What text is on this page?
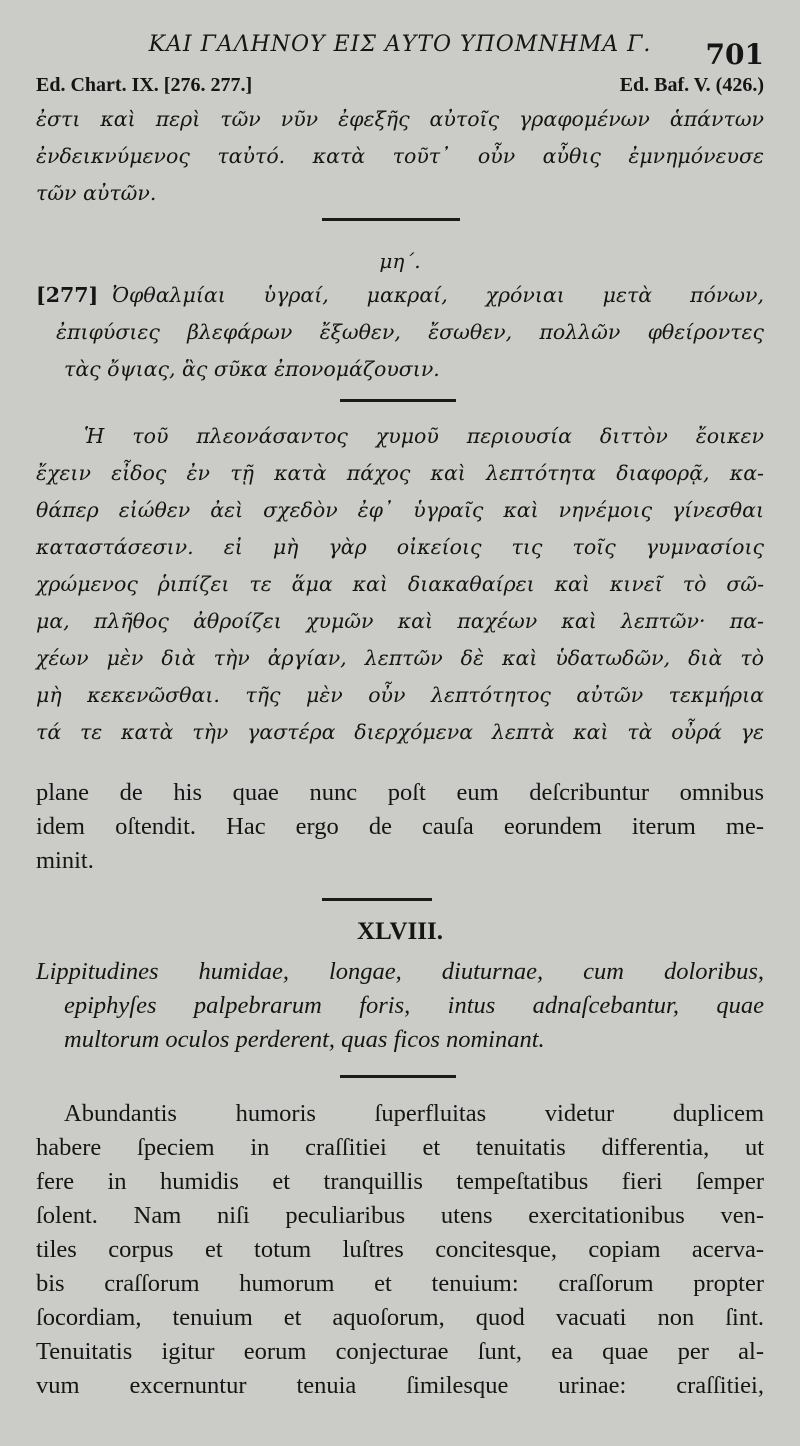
ΚΑΙ ΓΑΛΗΝΟΥ ΕΙΣ ΑΥΤΟ ΥΠΟΜΝΗΜΑ Γ.	701
Ed. Chart. IX. [276. 277.]	Ed. Baf. V. (426.)
ἐστι καὶ περὶ τῶν νῦν ἐφεξῆς αὐτοῖς γραφομένων ἁπάντων
ἐνδεικνύμενος ταὐτό. κατὰ τοῦτ᾽ οὖν αὖθις ἐμνημόνευσε
τῶν αὐτῶν.
μη΄.
[277] Ὀφθαλμίαι ὑγραί, μακραί, χρόνιαι μετὰ πόνων,
ἐπιφύσιες βλεφάρων ἔξωθεν, ἔσωθεν, πολλῶν φθείροντες
τὰς ὄψιας, ἃς σῦκα ἐπονομάζουσιν.
Ἡ τοῦ πλεονάσαντος χυμοῦ περιουσία διττὸν ἔοικεν
ἔχειν εἶδος ἐν τῇ κατὰ πάχος καὶ λεπτότητα διαφορᾷ, κα-
θάπερ εἰώθεν ἀεὶ σχεδὸν ἐφ᾽ ὑγραῖς καὶ νηνέμοις γίνεσθαι
καταστάσεσιν. εἰ μὴ γὰρ οἰκείοις τις τοῖς γυμνασίοις
χρώμενος ῥιπίζει τε ἅμα καὶ διακαθαίρει καὶ κινεῖ τὸ σῶ-
μα, πλῆθος ἀθροίζει χυμῶν καὶ παχέων καὶ λεπτῶν· πα-
χέων μὲν διὰ τὴν ἀργίαν, λεπτῶν δὲ καὶ ὑδατωδῶν, διὰ τὸ
μὴ κεκενῶσθαι. τῆς μὲν οὖν λεπτότητος αὐτῶν τεκμήρια
τά τε κατὰ τὴν γαστέρα διερχόμενα λεπτὰ καὶ τὰ οὖρά γε
plane de his quae nunc poſt eum deſcribuntur omnibus
idem oſtendit. Hac ergo de cauſa eorundem iterum me-
minit.
XLVIII.
Lippitudines humidae, longae, diuturnae, cum doloribus,
epiphyſes palpebrarum foris, intus adnaſcebantur, quae
multorum oculos perderent, quas ficos nominant.
Abundantis humoris ſuperfluitas videtur duplicem
habere ſpeciem in craſſitiei et tenuitatis differentia, ut
fere in humidis et tranquillis tempeſtatibus fieri ſemper
ſolent. Nam niſi peculiaribus utens exercitationibus ven-
tiles corpus et totum luſtres concitesque, copiam acerva-
bis craſſorum humorum et tenuium: craſſorum propter
ſocordiam, tenuium et aquoſorum, quod vacuati non ſint.
Tenuitatis igitur eorum conjecturae ſunt, ea quae per al-
vum excernuntur tenuia ſimilesque urinae: craſſitiei,
